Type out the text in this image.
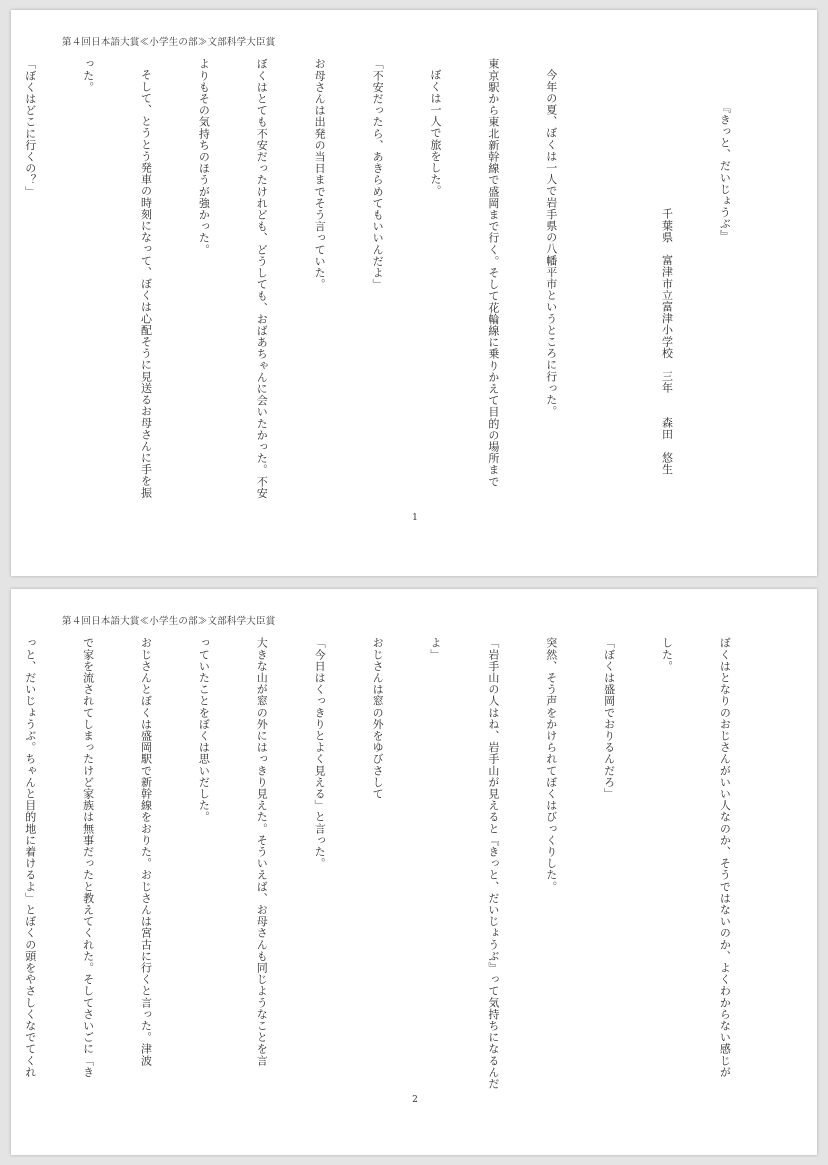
第４回日本語大賞≪小学生の部≫文部科学大臣賞

『きっと、だいじょうぶ』

千葉県　富津市立富津小学校　三年　　森田　悠生

今年の夏、ぼくは一人で岩手県の八幡平市というところに行った。

東京駅から東北新幹線で盛岡まで行く。そして花輪線に乗りかえて目的の場所まで

ぼくは一人で旅をした。

「不安だったら、あきらめてもいいんだよ」

お母さんは出発の当日までそう言っていた。

ぼくはとても不安だったけれども、どうしても、おばあちゃんに会いたかった。不安

よりもその気持ちのほうが強かった。

そして、とうとう発車の時刻になって、ぼくは心配そうに見送るお母さんに手を振

った。

「ぼくはどこに行くの？」

1
第４回日本語大賞≪小学生の部≫文部科学大臣賞

ぼくはとなりのおじさんがいい人なのか、そうではないのか、よくわからない感じが

した。

「ぼくは盛岡でおりるんだろ」

突然、そう声をかけられてぼくはびっくりした。

「岩手山の人はね、岩手山が見えると『きっと、だいじょうぶ』って気持ちになるんだ

よ」

おじさんは窓の外をゆびさして

「今日はくっきりとよく見える」と言った。

大きな山が窓の外にはっきり見えた。そういえば、お母さんも同じようなことを言

っていたことをぼくは思いだした。

おじさんとぼくは盛岡駅で新幹線をおりた。おじさんは宮古に行くと言った。津波

で家を流されてしまったけど家族は無事だったと教えてくれた。そしてさいごに「き

っと、だいじょうぶ。ちゃんと目的地に着けるよ」とぼくの頭をやさしくなでてくれ

2
